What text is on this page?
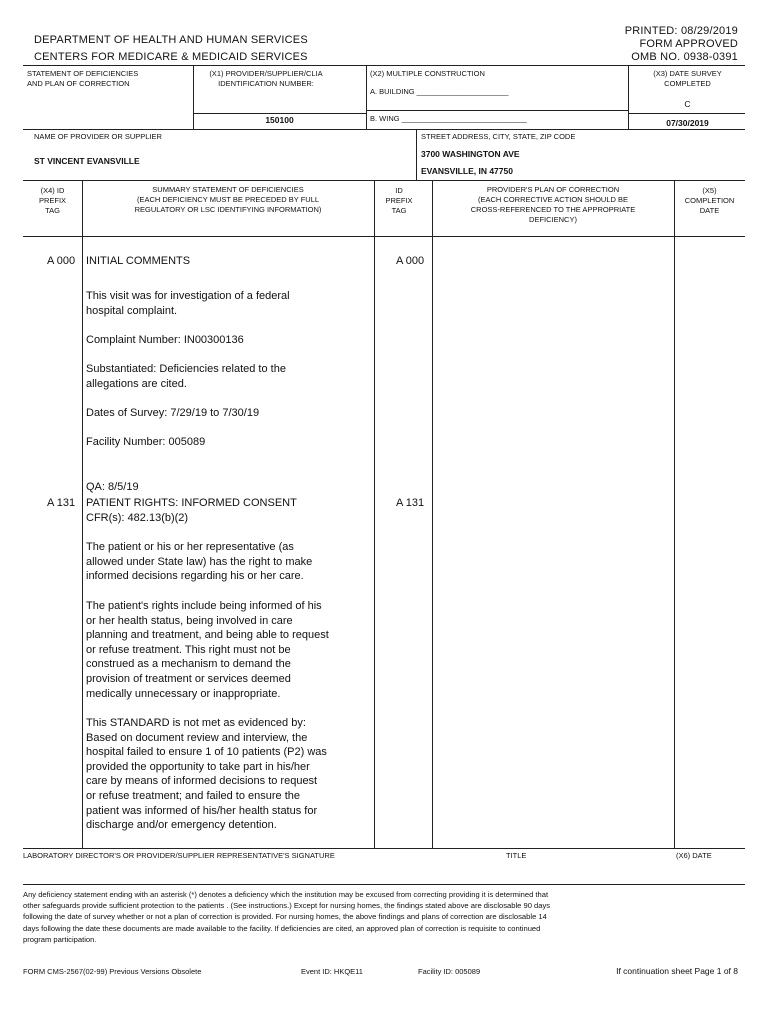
DEPARTMENT OF HEALTH AND HUMAN SERVICES
CENTERS FOR MEDICARE & MEDICAID SERVICES
PRINTED: 08/29/2019
FORM APPROVED
OMB NO. 0938-0391
STATEMENT OF DEFICIENCIES
AND PLAN OF CORRECTION
(X1) PROVIDER/SUPPLIER/CLIA
IDENTIFICATION NUMBER:
150100
(X2) MULTIPLE CONSTRUCTION
A. BUILDING ______________________
B. WING ______________________________
(X3) DATE SURVEY
COMPLETED
C
07/30/2019
NAME OF PROVIDER OR SUPPLIER
ST VINCENT EVANSVILLE
STREET ADDRESS, CITY, STATE, ZIP CODE
3700 WASHINGTON AVE
EVANSVILLE, IN 47750
(X4) ID
PREFIX
TAG
SUMMARY STATEMENT OF DEFICIENCIES
(EACH DEFICIENCY MUST BE PRECEDED BY FULL
REGULATORY OR LSC IDENTIFYING INFORMATION)
ID
PREFIX
TAG
PROVIDER'S PLAN OF CORRECTION
(EACH CORRECTIVE ACTION SHOULD BE
CROSS-REFERENCED TO THE APPROPRIATE
DEFICIENCY)
(X5)
COMPLETION
DATE
A 000 INITIAL COMMENTS	A 000
This visit was for investigation of a federal
hospital complaint.
Complaint Number: IN00300136
Substantiated: Deficiencies related to the
allegations are cited.
Dates of Survey: 7/29/19 to 7/30/19
Facility Number: 005089
QA: 8/5/19
A 131 PATIENT RIGHTS: INFORMED CONSENT
CFR(s): 482.13(b)(2)
A 131
The patient or his or her representative (as
allowed under State law) has the right to make
informed decisions regarding his or her care.
The patient's rights include being informed of his
or her health status, being involved in care
planning and treatment, and being able to request
or refuse treatment. This right must not be
construed as a mechanism to demand the
provision of treatment or services deemed
medically unnecessary or inappropriate.
This STANDARD is not met as evidenced by:
Based on document review and interview, the
hospital failed to ensure 1 of 10 patients (P2) was
provided the opportunity to take part in his/her
care by means of informed decisions to request
or refuse treatment; and failed to ensure the
patient was informed of his/her health status for
discharge and/or emergency detention.
LABORATORY DIRECTOR'S OR PROVIDER/SUPPLIER REPRESENTATIVE'S SIGNATURE	TITLE	(X6) DATE
Any deficiency statement ending with an asterisk (*) denotes a deficiency which the institution may be excused from correcting providing it is determined that
other safeguards provide sufficient protection to the patients . (See instructions.) Except for nursing homes, the findings stated above are disclosable 90 days
following the date of survey whether or not a plan of correction is provided. For nursing homes, the above findings and plans of correction are disclosable 14
days following the date these documents are made available to the facility. If deficiencies are cited, an approved plan of correction is requisite to continued
program participation.
FORM CMS-2567(02-99) Previous Versions Obsolete	Event ID: HKQE11	Facility ID: 005089	If continuation sheet Page 1 of 8
